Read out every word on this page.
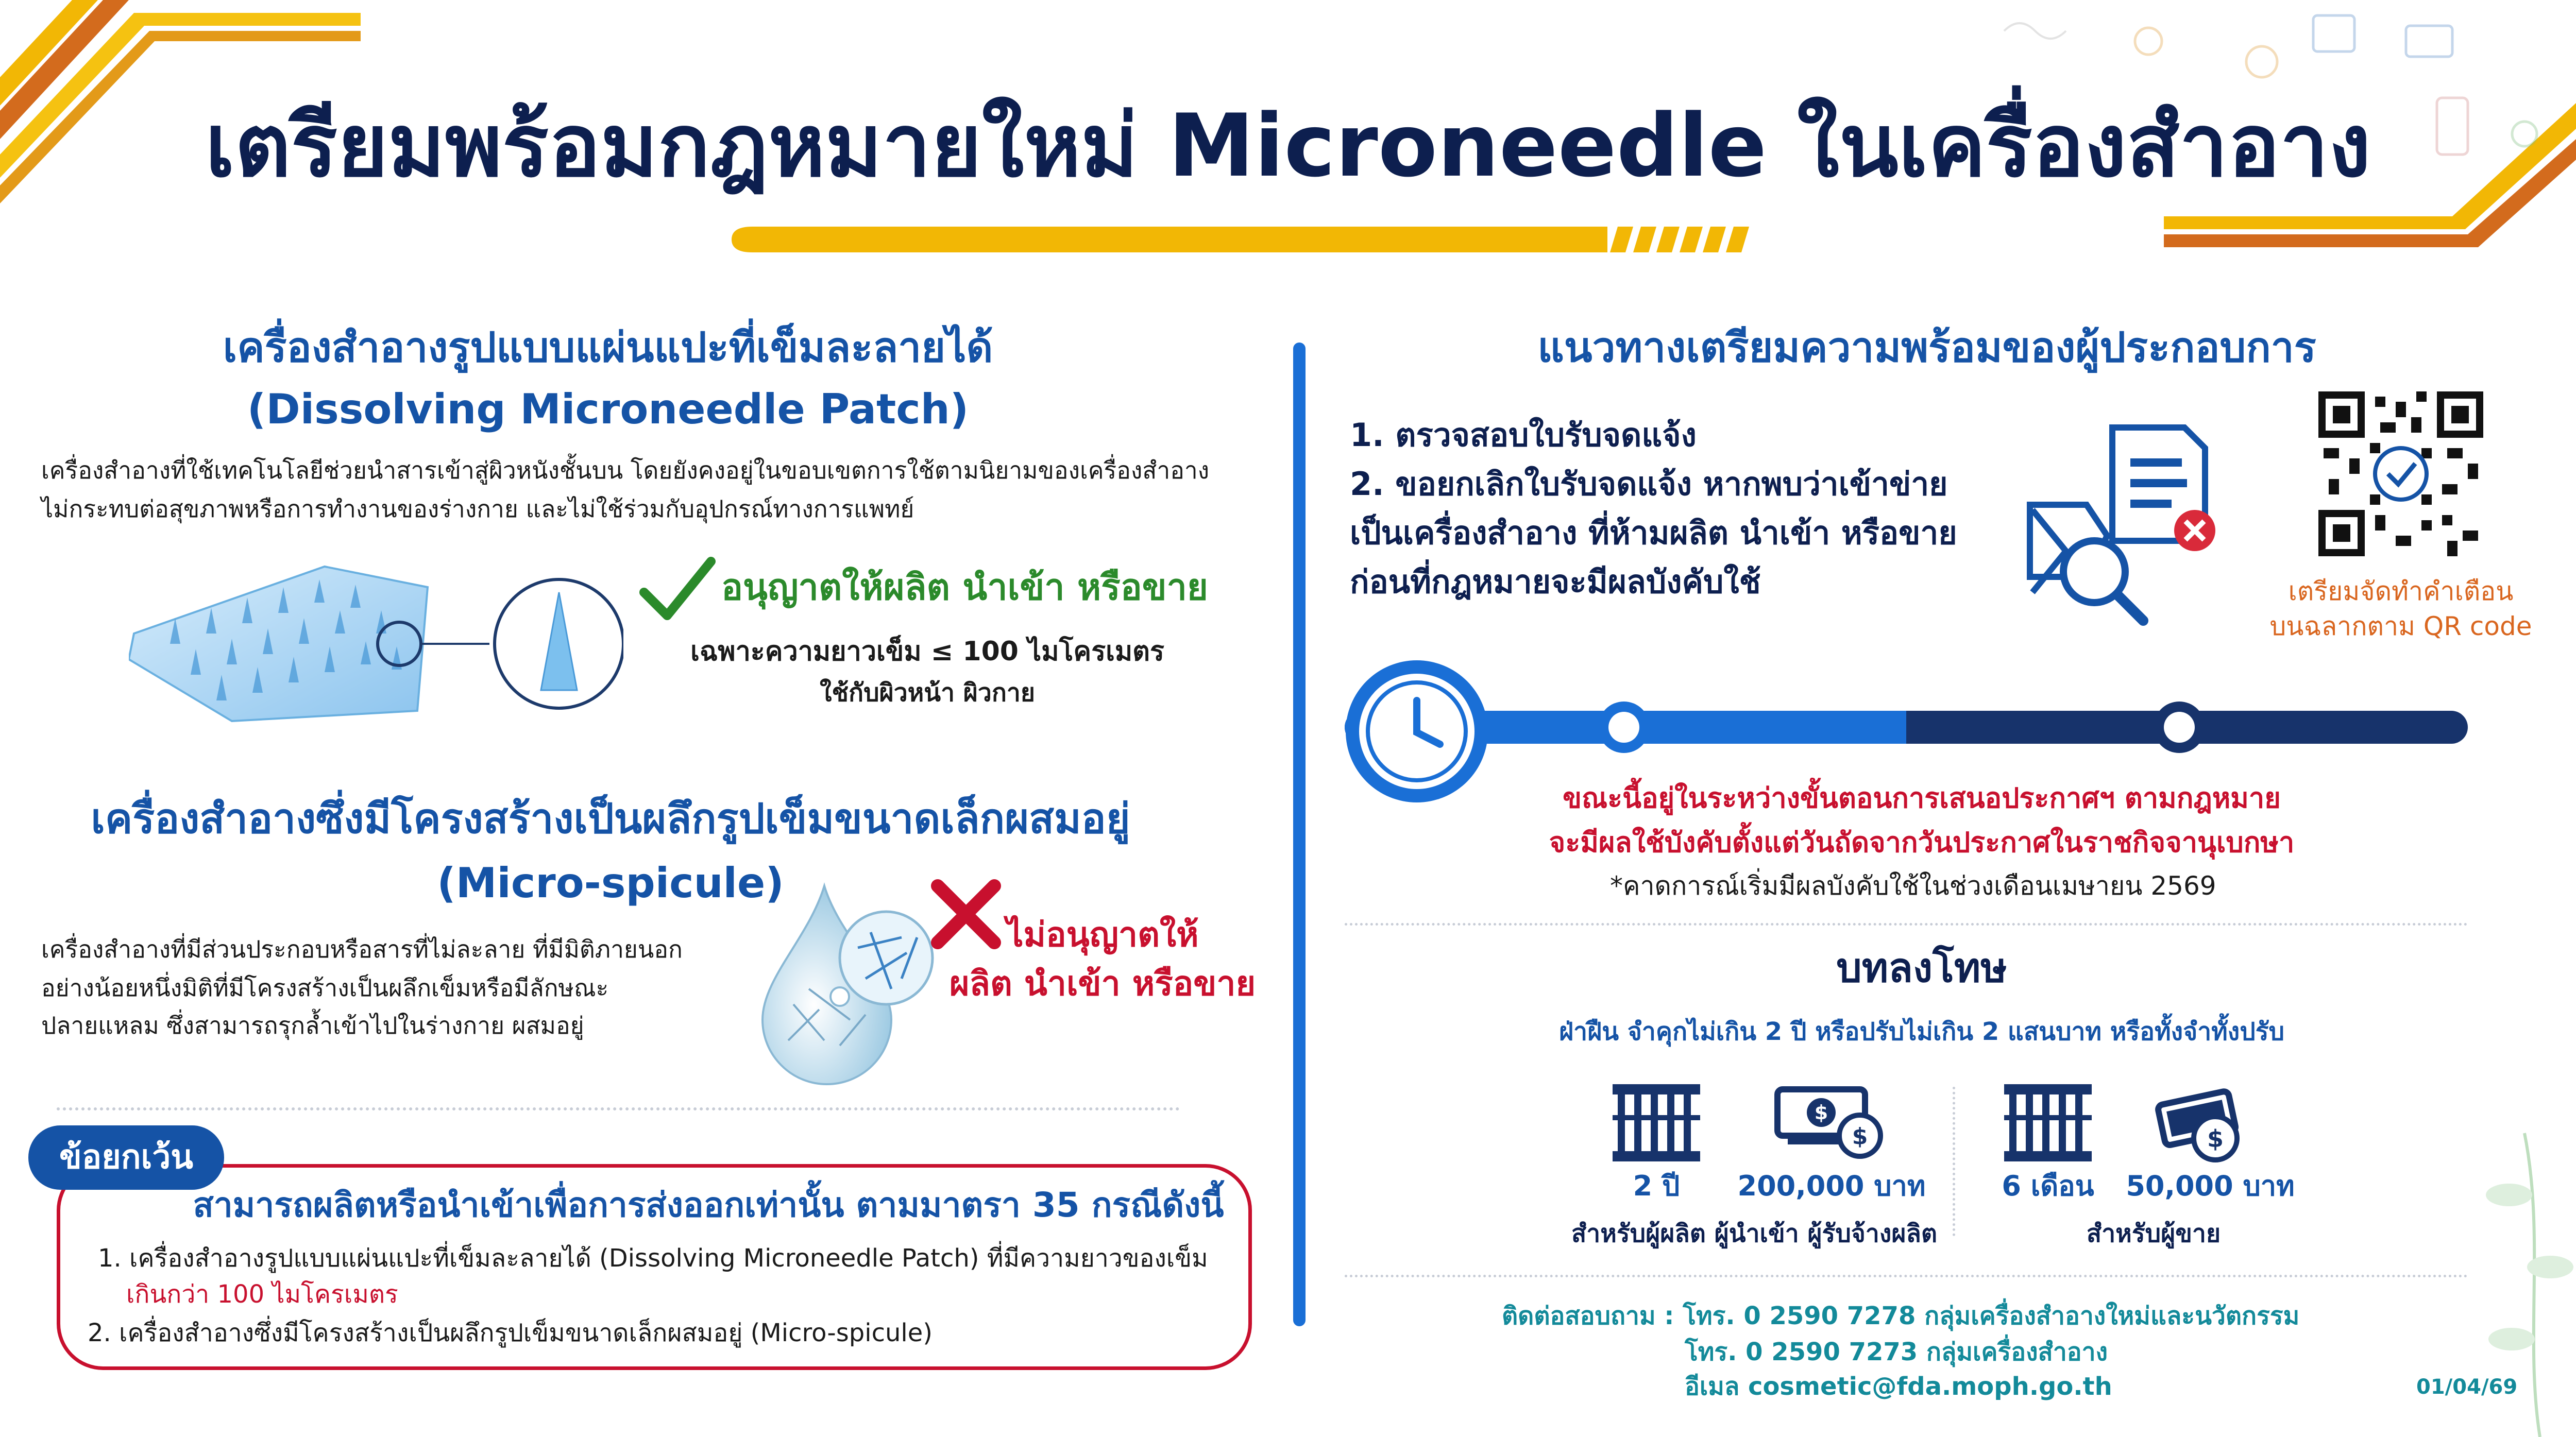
เตรียมพร้อมกฎหมายใหม่ Microneedle ในเครื่องสำอาง
เครื่องสำอางรูปแบบแผ่นแปะที่เข็มละลายได้
(Dissolving Microneedle Patch)
เครื่องสำอางที่ใช้เทคโนโลยีช่วยนำสารเข้าสู่ผิวหนังชั้นบน โดยยังคงอยู่ในขอบเขตการใช้ตามนิยามของเครื่องสำอาง
ไม่กระทบต่อสุขภาพหรือการทำงานของร่างกาย และไม่ใช้ร่วมกับอุปกรณ์ทางการแพทย์
อนุญาตให้ผลิต นำเข้า หรือขาย
เฉพาะความยาวเข็ม ≤ 100 ไมโครเมตร
ใช้กับผิวหน้า ผิวกาย
เครื่องสำอางซึ่งมีโครงสร้างเป็นผลึกรูปเข็มขนาดเล็กผสมอยู่
(Micro-spicule)
เครื่องสำอางที่มีส่วนประกอบหรือสารที่ไม่ละลาย ที่มีมิติภายนอก
อย่างน้อยหนึ่งมิติที่มีโครงสร้างเป็นผลึกเข็มหรือมีลักษณะ
ปลายแหลม ซึ่งสามารถรุกล้ำเข้าไปในร่างกาย ผสมอยู่
ไม่อนุญาตให้
ผลิต นำเข้า หรือขาย
ข้อยกเว้น
สามารถผลิตหรือนำเข้าเพื่อการส่งออกเท่านั้น ตามมาตรา 35 กรณีดังนี้
1. เครื่องสำอางรูปแบบแผ่นแปะที่เข็มละลายได้ (Dissolving Microneedle Patch) ที่มีความยาวของเข็ม
เกินกว่า 100 ไมโครเมตร
2. เครื่องสำอางซึ่งมีโครงสร้างเป็นผลึกรูปเข็มขนาดเล็กผสมอยู่ (Micro-spicule)
แนวทางเตรียมความพร้อมของผู้ประกอบการ
1. ตรวจสอบใบรับจดแจ้ง
2. ขอยกเลิกใบรับจดแจ้ง หากพบว่าเข้าข่าย
เป็นเครื่องสำอาง ที่ห้ามผลิต นำเข้า หรือขาย
ก่อนที่กฎหมายจะมีผลบังคับใช้	เตรียมจัดทำคำเตือน
บนฉลากตาม QR code
ขณะนี้อยู่ในระหว่างขั้นตอนการเสนอประกาศฯ ตามกฎหมาย
จะมีผลใช้บังคับตั้งแต่วันถัดจากวันประกาศในราชกิจจานุเบกษา
*คาดการณ์เริ่มมีผลบังคับใช้ในช่วงเดือนเมษายน 2569
บทลงโทษ
ฝ่าฝืน จำคุกไม่เกิน 2 ปี หรือปรับไม่เกิน 2 แสนบาท หรือทั้งจำทั้งปรับ
$
$	$
2 ปี	200,000 บาท
สำหรับผู้ผลิต ผู้นำเข้า ผู้รับจ้างผลิต
6 เดือน	50,000 บาท
สำหรับผู้ขาย
ติดต่อสอบถาม : โทร. 0 2590 7278 กลุ่มเครื่องสำอางใหม่และนวัตกรรม
โทร. 0 2590 7273 กลุ่มเครื่องสำอาง
อีเมล cosmetic@fda.moph.go.th	01/04/69
